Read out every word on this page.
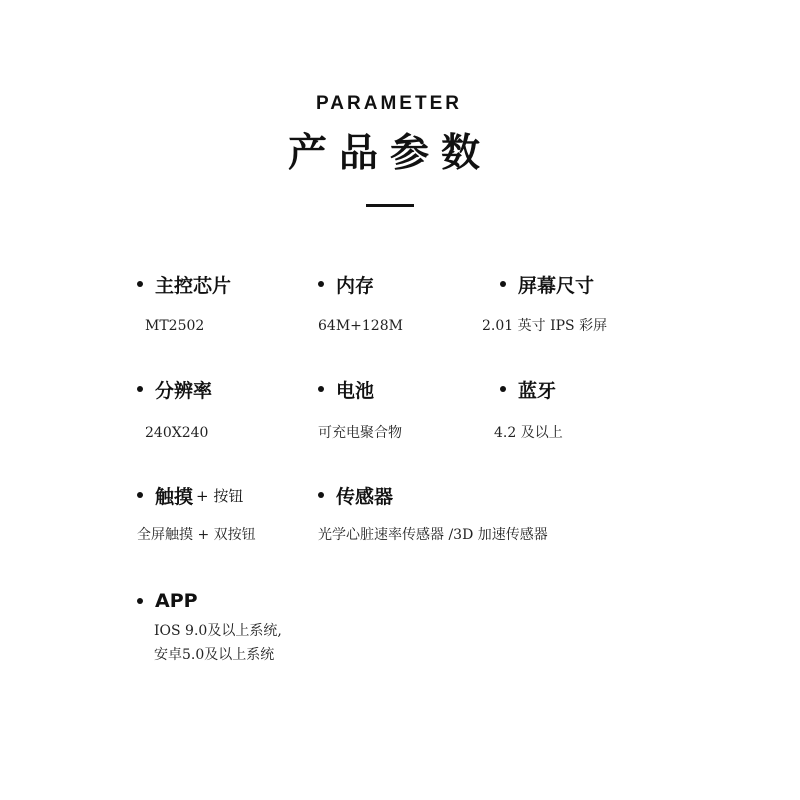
PARAMETER
产品参数
主控芯片
MT2502
内存
64M+128M
屏幕尺寸
2.01 英寸 IPS 彩屏
分辨率
240X240
电池
可充电聚合物
蓝牙
4.2 及以上
触摸 + 按钮
全屏触摸 + 双按钮
传感器
光学心脏速率传感器 /3D 加速传感器
APP
IOS 9.0及以上系统,
安卓5.0及以上系统
